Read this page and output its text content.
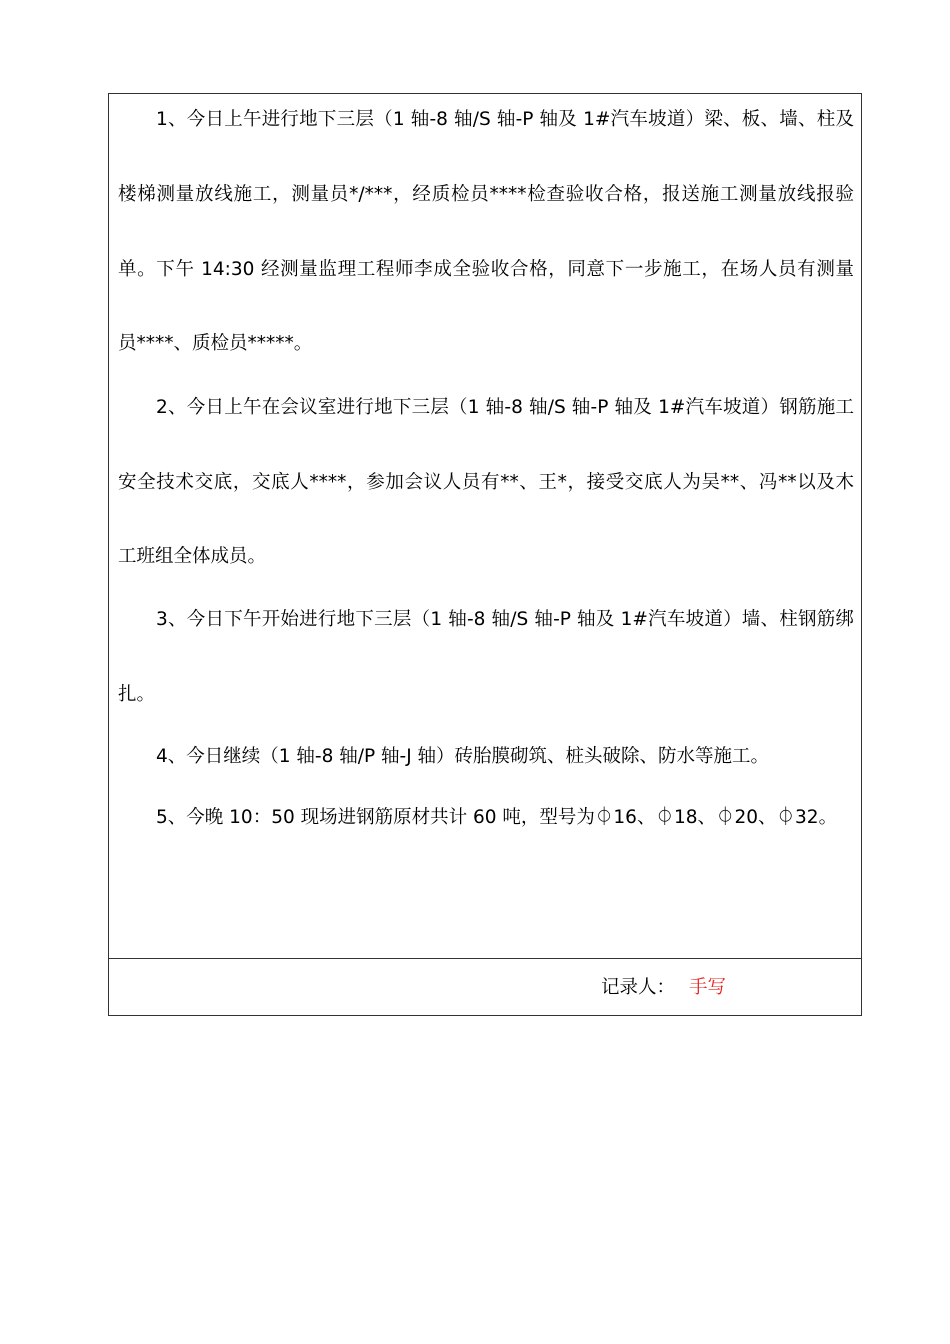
1、今日上午进行地下三层（1 轴-8 轴/S 轴-P 轴及 1#汽车坡道）梁、板、墙、柱及
楼梯测量放线施工，测量员*/***，经质检员****检查验收合格，报送施工测量放线报验
单。下午 14:30 经测量监理工程师李成全验收合格，同意下一步施工，在场人员有测量
员****、质检员*****。
2、今日上午在会议室进行地下三层（1 轴-8 轴/S 轴-P 轴及 1#汽车坡道）钢筋施工
安全技术交底，交底人****，参加会议人员有**、王*，接受交底人为吴**、冯**以及木
工班组全体成员。
3、今日下午开始进行地下三层（1 轴-8 轴/S 轴-P 轴及 1#汽车坡道）墙、柱钢筋绑
扎。
4、今日继续（1 轴-8 轴/P 轴-J 轴）砖胎膜砌筑、桩头破除、防水等施工。
5、今晚 10：50 现场进钢筋原材共计 60 吨，型号为⏀16、⏀18、⏀20、⏀32。
记录人： 手写
